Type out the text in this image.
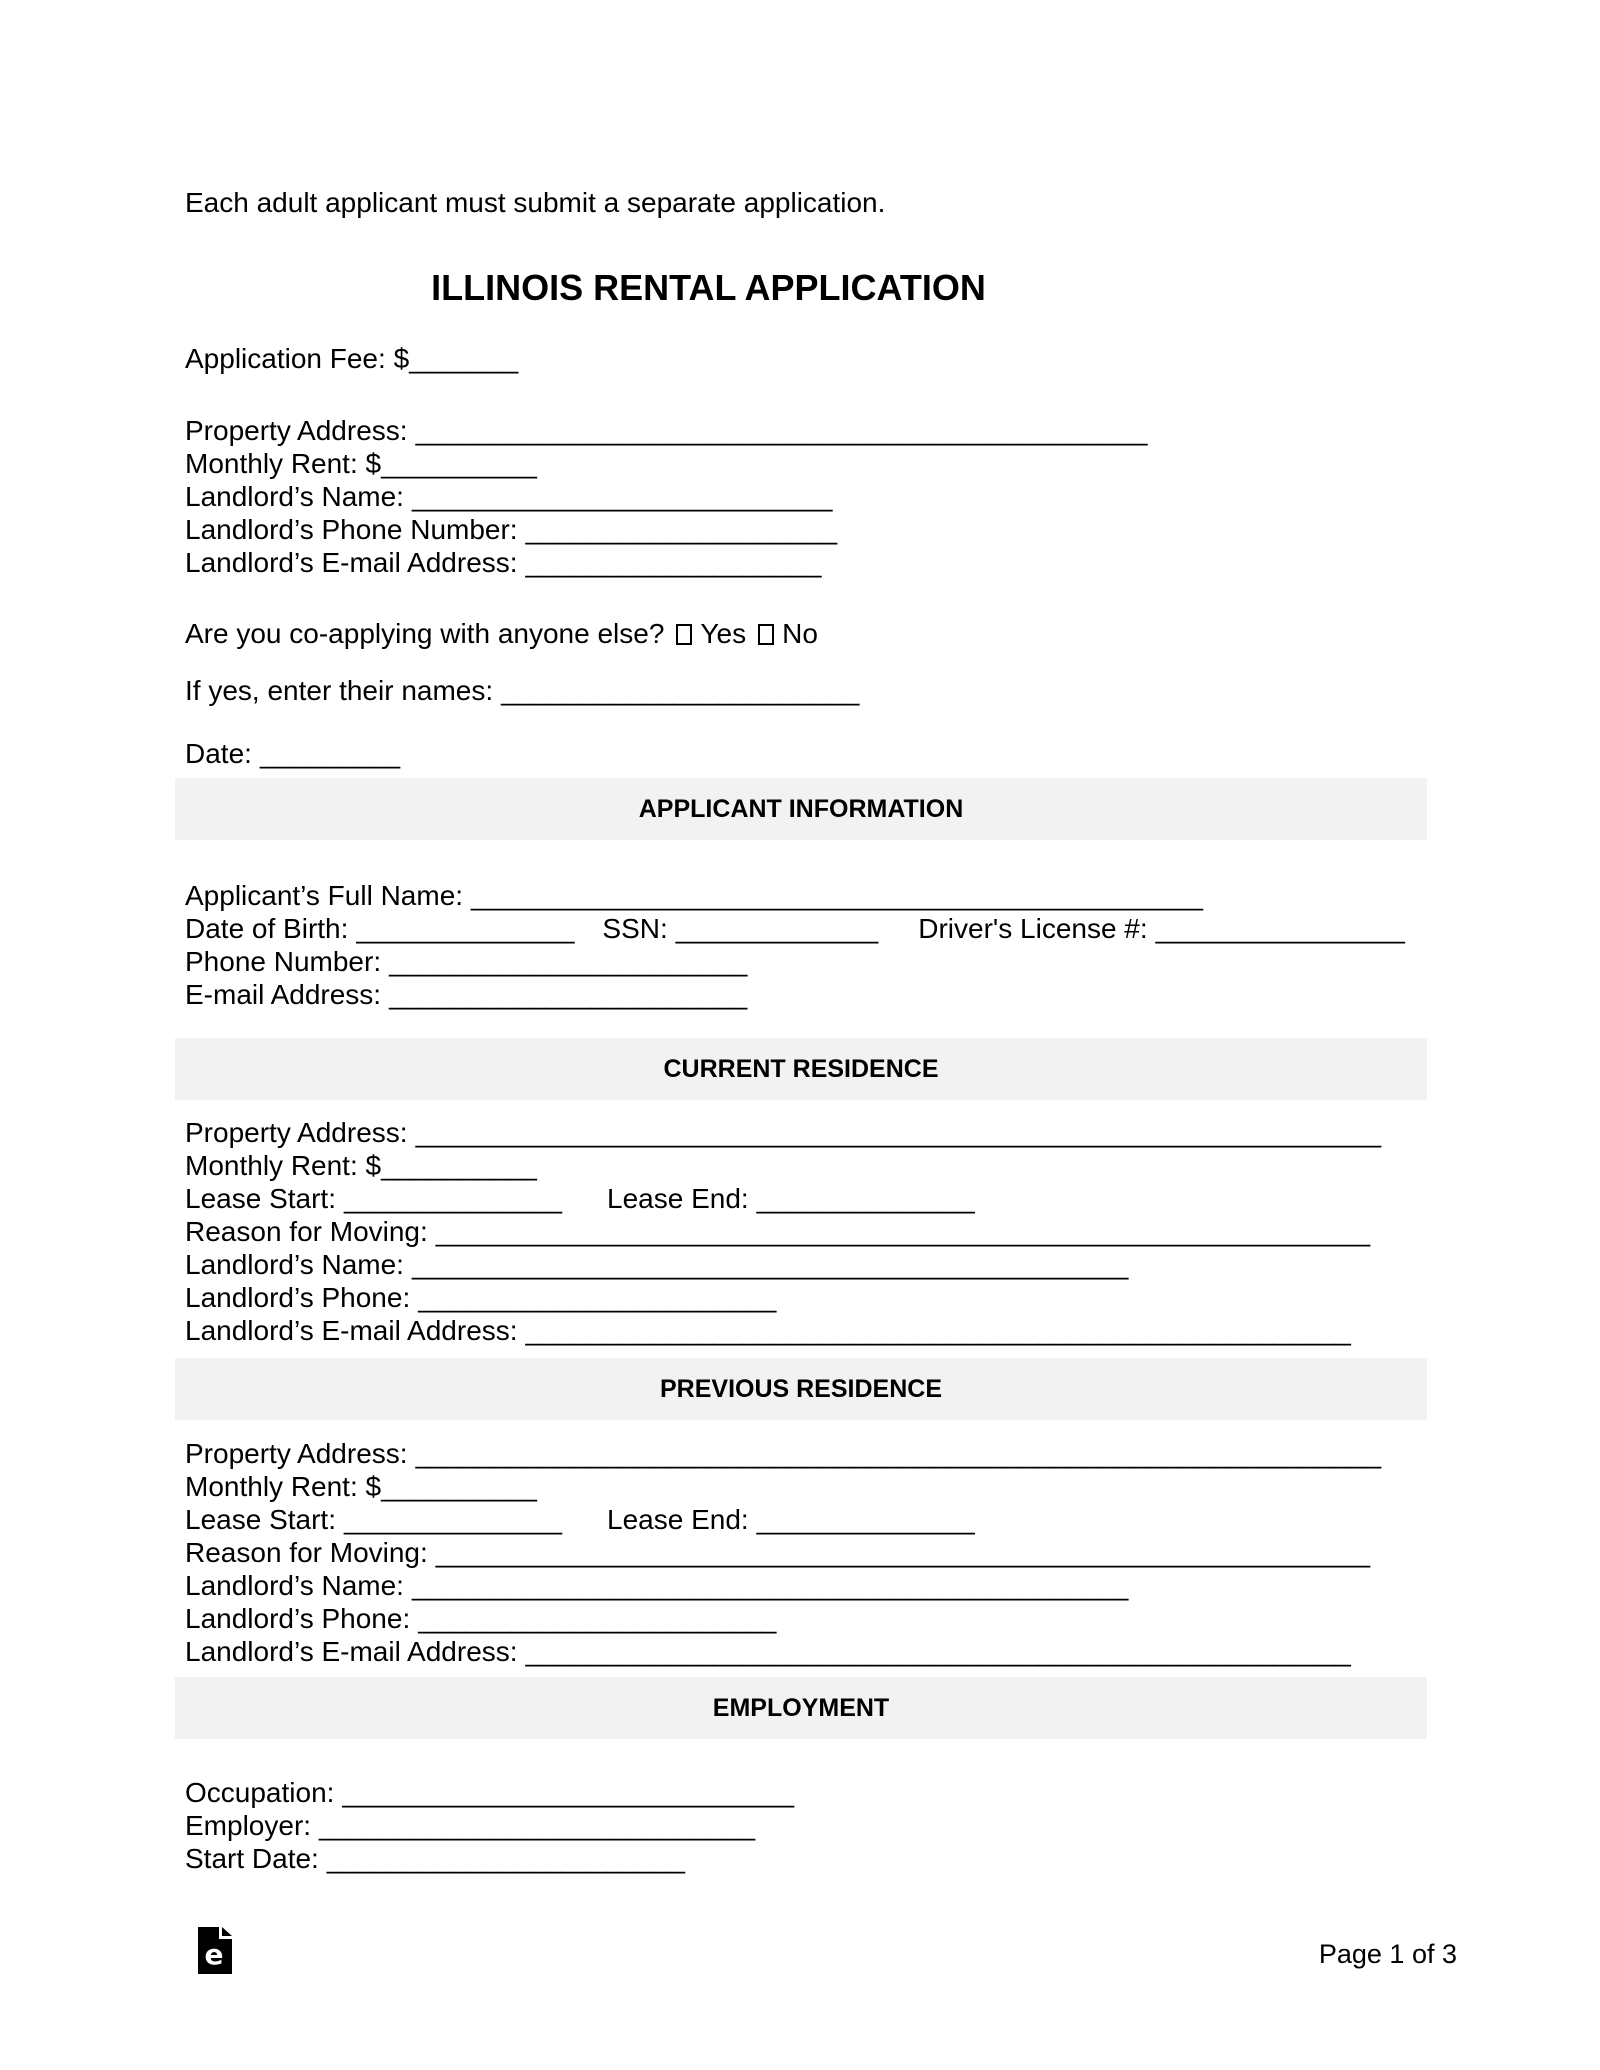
Each adult applicant must submit a separate application.
ILLINOIS RENTAL APPLICATION
Application Fee: $_______
Property Address: _______________________________________________
Monthly Rent: $__________
Landlord’s Name: ___________________________
Landlord’s Phone Number: ____________________
Landlord’s E-mail Address: ___________________
Are you co-applying with anyone else? Yes No
If yes, enter their names: _______________________
Date: _________
APPLICANT INFORMATION
Applicant’s Full Name: _______________________________________________
Date of Birth: ______________ SSN: _____________ Driver's License #: ________________
Phone Number: _______________________
E-mail Address: _______________________
CURRENT RESIDENCE
Property Address: ______________________________________________________________
Monthly Rent: $__________
Lease Start: ______________ Lease End: ______________
Reason for Moving: ____________________________________________________________
Landlord’s Name: ______________________________________________
Landlord’s Phone: _______________________
Landlord’s E-mail Address: _____________________________________________________
PREVIOUS RESIDENCE
Property Address: ______________________________________________________________
Monthly Rent: $__________
Lease Start: ______________ Lease End: ______________
Reason for Moving: ____________________________________________________________
Landlord’s Name: ______________________________________________
Landlord’s Phone: _______________________
Landlord’s E-mail Address: _____________________________________________________
EMPLOYMENT
Occupation: _____________________________
Employer: ____________________________
Start Date: _______________________
e	Page 1 of 3
